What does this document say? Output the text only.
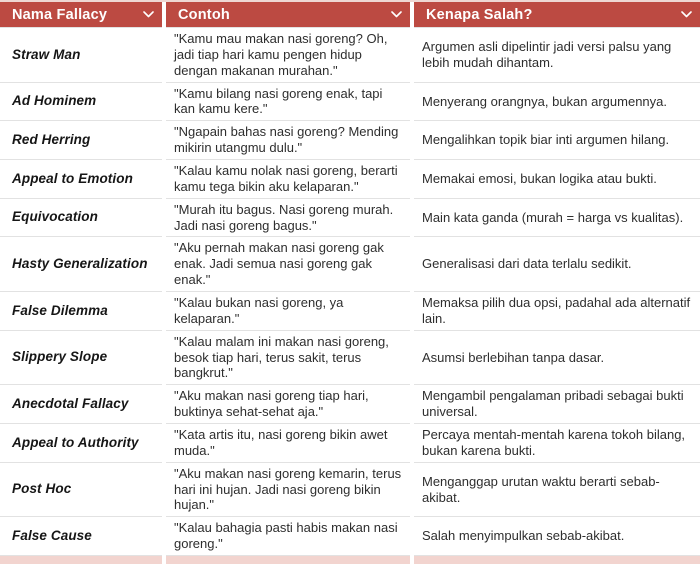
Nama Fallacy	Contoh	Kenapa Salah?
Straw Man
"Kamu mau makan nasi goreng? Oh, jadi tiap hari kamu pengen hidup dengan makanan murahan."
Argumen asli dipelintir jadi versi palsu yang lebih mudah dihantam.
Ad Hominem
"Kamu bilang nasi goreng enak, tapi kan kamu kere."
Menyerang orangnya, bukan argumennya.
Red Herring
"Ngapain bahas nasi goreng? Mending mikirin utangmu dulu."
Mengalihkan topik biar inti argumen hilang.
Appeal to Emotion
"Kalau kamu nolak nasi goreng, berarti kamu tega bikin aku kelaparan."
Memakai emosi, bukan logika atau bukti.
Equivocation
"Murah itu bagus. Nasi goreng murah. Jadi nasi goreng bagus."
Main kata ganda (murah = harga vs kualitas).
Hasty Generalization
"Aku pernah makan nasi goreng gak enak. Jadi semua nasi goreng gak enak."
Generalisasi dari data terlalu sedikit.
False Dilemma
"Kalau bukan nasi goreng, ya kelaparan."
Memaksa pilih dua opsi, padahal ada alternatif lain.
Slippery Slope
"Kalau malam ini makan nasi goreng, besok tiap hari, terus sakit, terus bangkrut."
Asumsi berlebihan tanpa dasar.
Anecdotal Fallacy
"Aku makan nasi goreng tiap hari, buktinya sehat-sehat aja."
Mengambil pengalaman pribadi sebagai bukti universal.
Appeal to Authority
"Kata artis itu, nasi goreng bikin awet muda."
Percaya mentah-mentah karena tokoh bilang, bukan karena bukti.
Post Hoc
"Aku makan nasi goreng kemarin, terus hari ini hujan. Jadi nasi goreng bikin hujan."
Menganggap urutan waktu berarti sebab-akibat.
False Cause
"Kalau bahagia pasti habis makan nasi goreng."
Salah menyimpulkan sebab-akibat.
